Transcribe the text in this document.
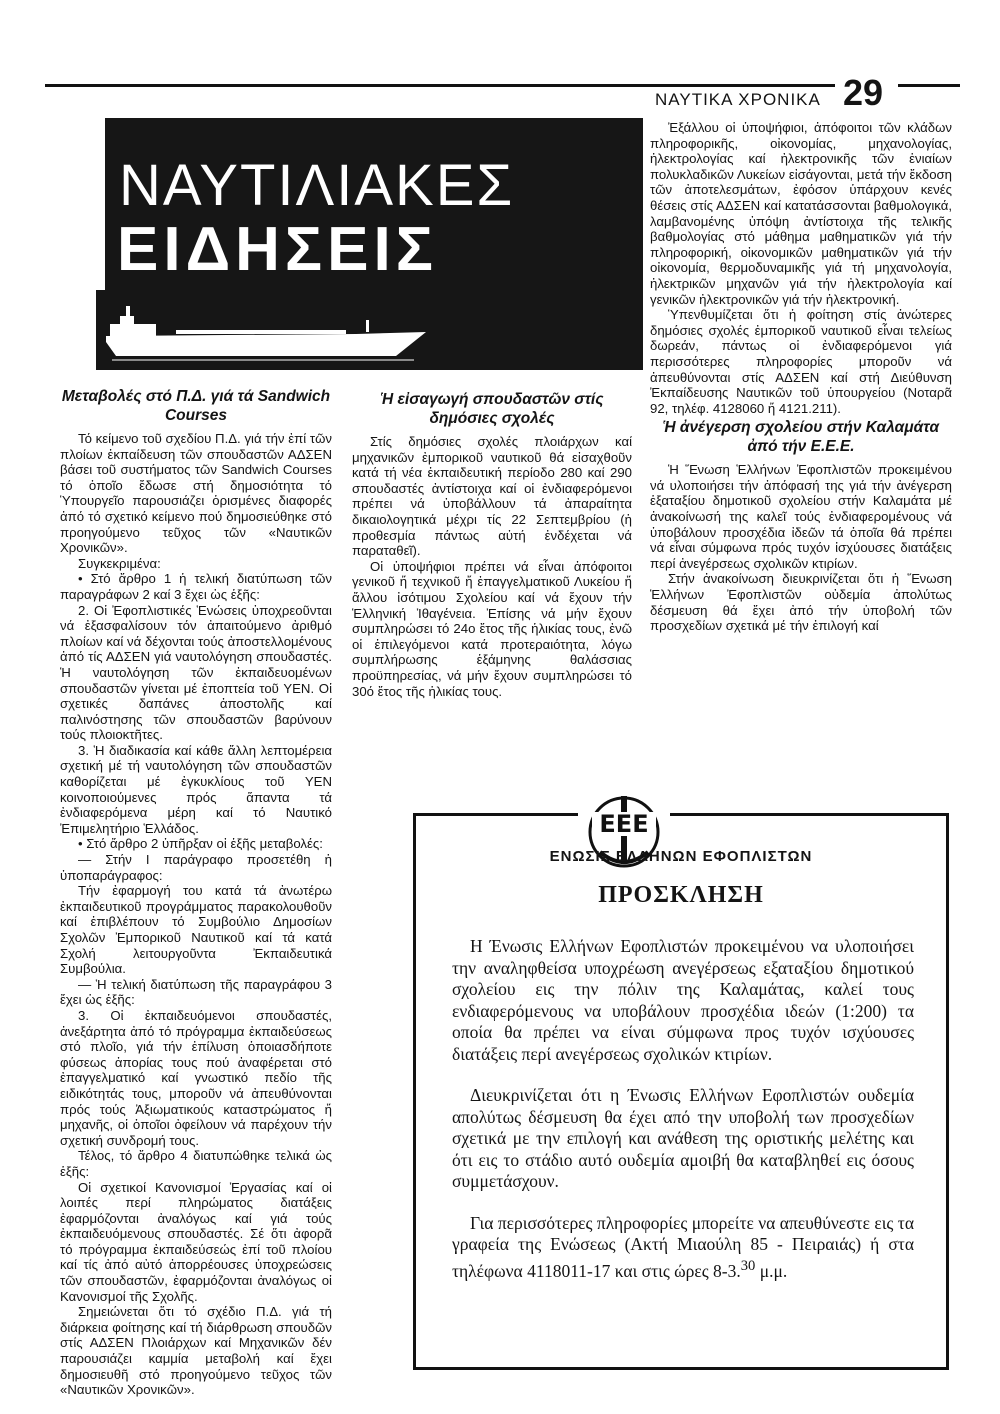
ΝΑΥΤΙΚΑ ΧΡΟΝΙΚΑ 29
ΝΑΥΤΙΛΙΑΚΕΣ
ΕΙΔΗΣΕΙΣ
Μεταβολές στό Π.Δ. γιά τά Sandwich Courses

Τό κείμενο τοῦ σχεδίου Π.Δ. γιά τήν ἐπί τῶν πλοίων ἐκπαίδευση τῶν σπουδαστῶν ΑΔΣΕΝ βάσει τοῦ συστήματος τῶν Sandwich Courses τό ὁποῖο ἔδωσε στή δημοσιότητα τό Ὑπουργεῖο παρουσιάζει ὁρισμένες διαφορές ἀπό τό σχετικό κείμενο πού δημοσιεύθηκε στό προηγούμενο τεῦχος τῶν «Ναυτικῶν Χρονικῶν».

Συγκεκριμένα:

• Στό ἄρθρο 1 ἡ τελική διατύπωση τῶν παραγράφων 2 καί 3 ἔχει ὡς ἑξῆς:

2. Οἱ Ἐφοπλιστικές Ἑνώσεις ὑποχρεοῦνται νά ἐξασφαλίσουν τόν ἀπαιτούμενο ἀριθμό πλοίων καί νά δέχονται τούς ἀποστελλομένους ἀπό τίς ΑΔΣΕΝ γιά ναυτολόγηση σπουδαστές. Ἡ ναυτολόγηση τῶν ἐκπαιδευομένων σπουδαστῶν γίνεται μέ ἐποπτεία τοῦ ΥΕΝ. Οἱ σχετικές δαπάνες ἀποστολῆς καί παλινόστησης τῶν σπουδαστῶν βαρύνουν τούς πλοιοκτῆτες.

3. Ἡ διαδικασία καί κάθε ἄλλη λεπτομέρεια σχετική μέ τή ναυτολόγηση τῶν σπουδαστῶν καθορίζεται μέ ἐγκυκλίους τοῦ ΥΕΝ κοινοποιούμενες πρός ἅπαντα τά ἐνδιαφερόμενα μέρη καί τό Ναυτικό Ἐπιμελητήριο Ἑλλάδος.

• Στό ἄρθρο 2 ὑπῆρξαν οἱ ἑξῆς μεταβολές:

— Στήν Ι παράγραφο προσετέθη ἡ ὑποπαράγραφος:

Τήν ἐφαρμογή του κατά τά ἀνωτέρω ἐκπαιδευτικοῦ προγράμματος παρακολουθοῦν καί ἐπιβλέπουν τό Συμβούλιο Δημοσίων Σχολῶν Ἐμπορικοῦ Ναυτικοῦ καί τά κατά Σχολή λειτουργοῦντα Ἐκπαιδευτικά Συμβούλια.

— Ἡ τελική διατύπωση τῆς παραγράφου 3 ἔχει ὡς ἑξῆς:

3. Οἱ ἐκπαιδευόμενοι σπουδαστές, ἀνεξάρτητα ἀπό τό πρόγραμμα ἐκπαιδεύσεως στό πλοῖο, γιά τήν ἐπίλυση ὁποιασδήποτε φύσεως ἀπορίας τους πού ἀναφέρεται στό ἐπαγγελματικό καί γνωστικό πεδίο τῆς ειδικότητάς τους, μποροῦν νά ἀπευθύνονται πρός τούς Ἀξιωματικούς καταστρώματος ἤ μηχανῆς, οἱ ὁποῖοι ὀφείλουν νά παρέχουν τήν σχετική συνδρομή τους.

Τέλος, τό ἄρθρο 4 διατυπώθηκε τελικά ὡς ἑξῆς:

Οἱ σχετικοί Κανονισμοί Ἐργασίας καί οἱ λοιπές περί πληρώματος διατάξεις ἐφαρμόζονται ἀναλόγως καί γιά τούς ἐκπαιδευόμενους σπουδαστές. Σέ ὅτι ἀφορᾶ τό πρόγραμμα ἐκπαιδεύσεώς ἐπί τοῦ πλοίου καί τίς ἀπό αὐτό ἀπορρέουσες ὑποχρεώσεις τῶν σπουδαστῶν, ἐφαρμόζονται ἀναλόγως οἱ Κανονισμοί τῆς Σχολῆς.

Σημειώνεται ὅτι τό σχέδιο Π.Δ. γιά τή διάρκεια φοίτησης καί τή διάρθρωση σπουδῶν στίς ΑΔΣΕΝ Πλοιάρχων καί Μηχανικῶν δέν παρουσιάζει καμμία μεταβολή καί ἔχει δημοσιευθῆ στό προηγούμενο τεῦχος τῶν «Ναυτικῶν Χρονικῶν».

Ἡ εἰσαγωγή σπουδαστῶν στίς δημόσιες σχολές

Στίς δημόσιες σχολές πλοιάρχων καί μηχανικῶν ἐμπορικοῦ ναυτικοῦ θά εἰσαχθοῦν κατά τή νέα ἐκπαιδευτική περίοδο 280 καί 290 σπουδαστές ἀντίστοιχα καί οἱ ἐνδιαφερόμενοι πρέπει νά ὑποβάλλουν τά ἀπαραίτητα δικαιολογητικά μέχρι τίς 22 Σεπτεμβρίου (ἡ προθεσμία πάντως αὐτή ἐνδέχεται νά παραταθεῖ).

Οἱ ὑποψήφιοι πρέπει νά εἶναι ἀπόφοιτοι γενικοῦ ἤ τεχνικοῦ ἤ ἐπαγγελματικοῦ Λυκείου ἤ ἄλλου ἰσότιμου Σχολείου καί νά ἔχουν τήν Ἑλληνική Ἰθαγένεια. Ἐπίσης νά μήν ἔχουν συμπληρώσει τό 24ο ἔτος τῆς ἡλικίας τους, ἐνῶ οἱ ἐπιλεγόμενοι κατά προτεραιότητα, λόγω συμπλήρωσης ἑξάμηνης θαλάσσιας προϋπηρεσίας, νά μήν ἔχουν συμπληρώσει τό 30ό ἔτος τῆς ἡλικίας τους.

Ἐξάλλου οἱ ὑποψήφιοι, ἀπόφοιτοι τῶν κλάδων πληροφορικῆς, οἰκονομίας, μηχανολογίας, ἠλεκτρολογίας καί ἠλεκτρονικῆς τῶν ἑνιαίων πολυκλαδικῶν Λυκείων εἰσάγονται, μετά τήν ἔκδοση τῶν ἀποτελεσμάτων, ἐφόσον ὑπάρχουν κενές θέσεις στίς ΑΔΣΕΝ καί κατατάσσονται βαθμολογικά, λαμβανομένης ὑπόψη ἀντίστοιχα τῆς τελικῆς βαθμολογίας στό μάθημα μαθηματικῶν γιά τήν πληροφορική, οἰκονομικῶν μαθηματικῶν γιά τήν οἰκονομία, θερμοδυναμικῆς γιά τή μηχανολογία, ἠλεκτρικῶν μηχανῶν γιά τήν ἠλεκτρολογία καί γενικῶν ἠλεκτρονικῶν γιά τήν ἠλεκτρονική.

Ὑπενθυμίζεται ὅτι ἡ φοίτηση στίς ἀνώτερες δημόσιες σχολές ἐμπορικοῦ ναυτικοῦ εἶναι τελείως δωρεάν, πάντως οἱ ἐνδιαφερόμενοι γιά περισσότερες πληροφορίες μποροῦν νά ἀπευθύνονται στίς ΑΔΣΕΝ καί στή Διεύθυνση Ἐκπαίδευσης Ναυτικῶν τοῦ ὑπουργείου (Νοταρᾶ 92, τηλέφ. 4128060 ἤ 4121.211).

Ἡ ἀνέγερση σχολείου στήν Καλαμάτα ἀπό τήν Ε.Ε.Ε.

Ἡ Ἕνωση Ἑλλήνων Ἐφοπλιστῶν προκειμένου νά υλοποιήσει τήν ἀπόφασή της γιά τήν ἀνέγερση ἑξαταξίου δημοτικοῦ σχολείου στήν Καλαμάτα μέ ἀνακοίνωσή της καλεῖ τούς ἐνδιαφερομένους νά ὑποβάλουν προσχέδια ἰδεῶν τά ὁποῖα θά πρέπει νά εἶναι σύμφωνα πρός τυχόν ἰσχύουσες διατάξεις περί ἀνεγέρσεως σχολικῶν κτιρίων.

Στήν ἀνακοίνωση διευκρινίζεται ὅτι ἡ Ἕνωση Ἑλλήνων Ἐφοπλιστῶν οὐδεμία ἀπολύτως δέσμευση θά ἔχει ἀπό τήν ὑποβολή τῶν προσχεδίων σχετικά μέ τήν ἐπιλογή καί

ΕΕΕ
ΕΝΩΣΙΣ ΕΛΛΗΝΩΝ ΕΦΟΠΛΙΣΤΩΝ
ΠΡΟΣΚΛΗΣΗ

Η Ένωσις Ελλήνων Εφοπλιστών προκειμένου να υλοποιήσει την αναληφθείσα υποχρέωση ανεγέρσεως εξαταξίου δημοτικού σχολείου εις την πόλιν της Καλαμάτας, καλεί τους ενδιαφερόμενους να υποβάλουν προσχέδια ιδεών (1:200) τα οποία θα πρέπει να είναι σύμφωνα προς τυχόν ισχύουσες διατάξεις περί ανεγέρσεως σχολικών κτιρίων.

Διευκρινίζεται ότι η Ένωσις Ελλήνων Εφοπλιστών ουδεμία απολύτως δέσμευση θα έχει από την υποβολή των προσχεδίων σχετικά με την επιλογή και ανάθεση της οριστικής μελέτης και ότι εις το στάδιο αυτό ουδεμία αμοιβή θα καταβληθεί εις όσους συμμετάσχουν.

Για περισσότερες πληροφορίες μπορείτε να απευθύνεστε εις τα γραφεία της Ενώσεως (Ακτή Μιαούλη 85 - Πειραιάς) ή στα τηλέφωνα 4118011-17 και στις ώρες 8-3.30 μ.μ.
